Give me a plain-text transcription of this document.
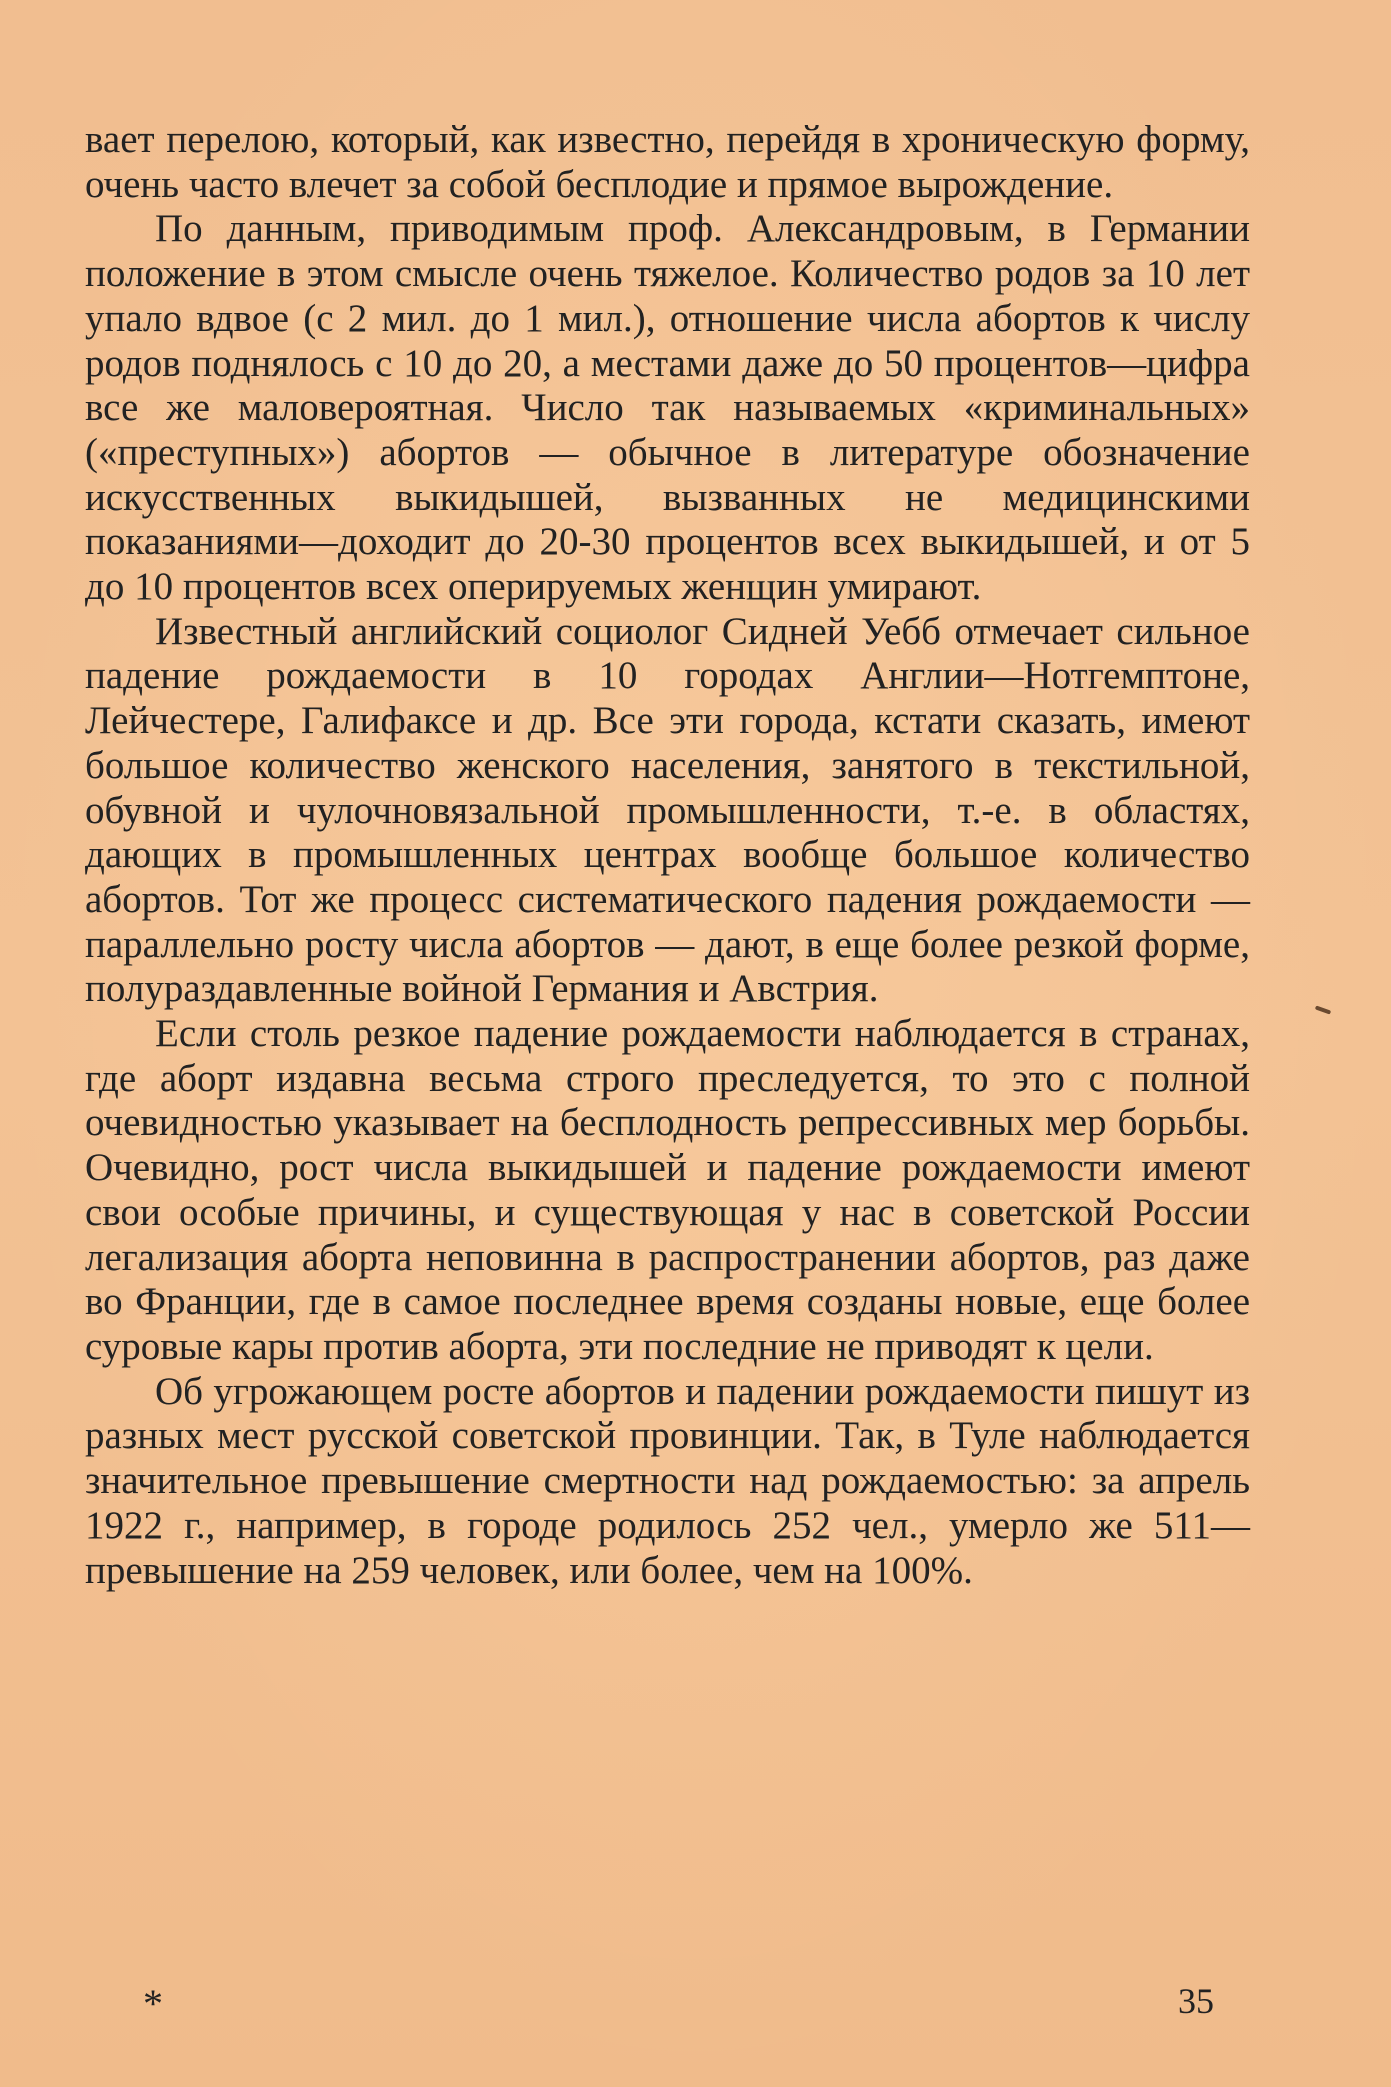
вает перелою, который, как известно, перейдя в хроническую форму, очень часто влечет за собой бесплодие и прямое вырождение.

По данным, приводимым проф. Александровым, в Германии положение в этом смысле очень тяжелое. Количество родов за 10 лет упало вдвое (с 2 мил. до 1 мил.), отношение числа абортов к числу родов поднялось с 10 до 20, а местами даже до 50 процентов—цифра все же маловероятная. Число так называемых «криминальных» («преступных») абортов — обычное в литературе обозначение искусственных выкидышей, вызванных не медицинскими показаниями—доходит до 20-30 процентов всех выкидышей, и от 5 до 10 процентов всех оперируемых женщин умирают.

Известный английский социолог Сидней Уебб отмечает сильное падение рождаемости в 10 городах Англии—Нотгемптоне, Лейчестере, Галифаксе и др. Все эти города, кстати сказать, имеют большое количество женского населения, занятого в текстильной, обувной и чулочновязальной промышленности, т.-е. в областях, дающих в промышленных центрах вообще большое количество абортов. Тот же процесс систематического падения рождаемости — параллельно росту числа абортов — дают, в еще более резкой форме, полураздавленные войной Германия и Австрия.

Если столь резкое падение рождаемости наблюдается в странах, где аборт издавна весьма строго преследуется, то это с полной очевидностью указывает на бесплодность репрессивных мер борьбы. Очевидно, рост числа выкидышей и падение рождаемости имеют свои особые причины, и существующая у нас в советской России легализация аборта неповинна в распространении абортов, раз даже во Франции, где в самое последнее время созданы новые, еще более суровые кары против аборта, эти последние не приводят к цели.

Об угрожающем росте абортов и падении рождаемости пишут из разных мест русской советской провинции. Так, в Туле наблюдается значительное превышение смертности над рождаемостью: за апрель 1922 г., например, в городе родилось 252 чел., умерло же 511—превышение на 259 человек, или более, чем на 100%.

*	35
